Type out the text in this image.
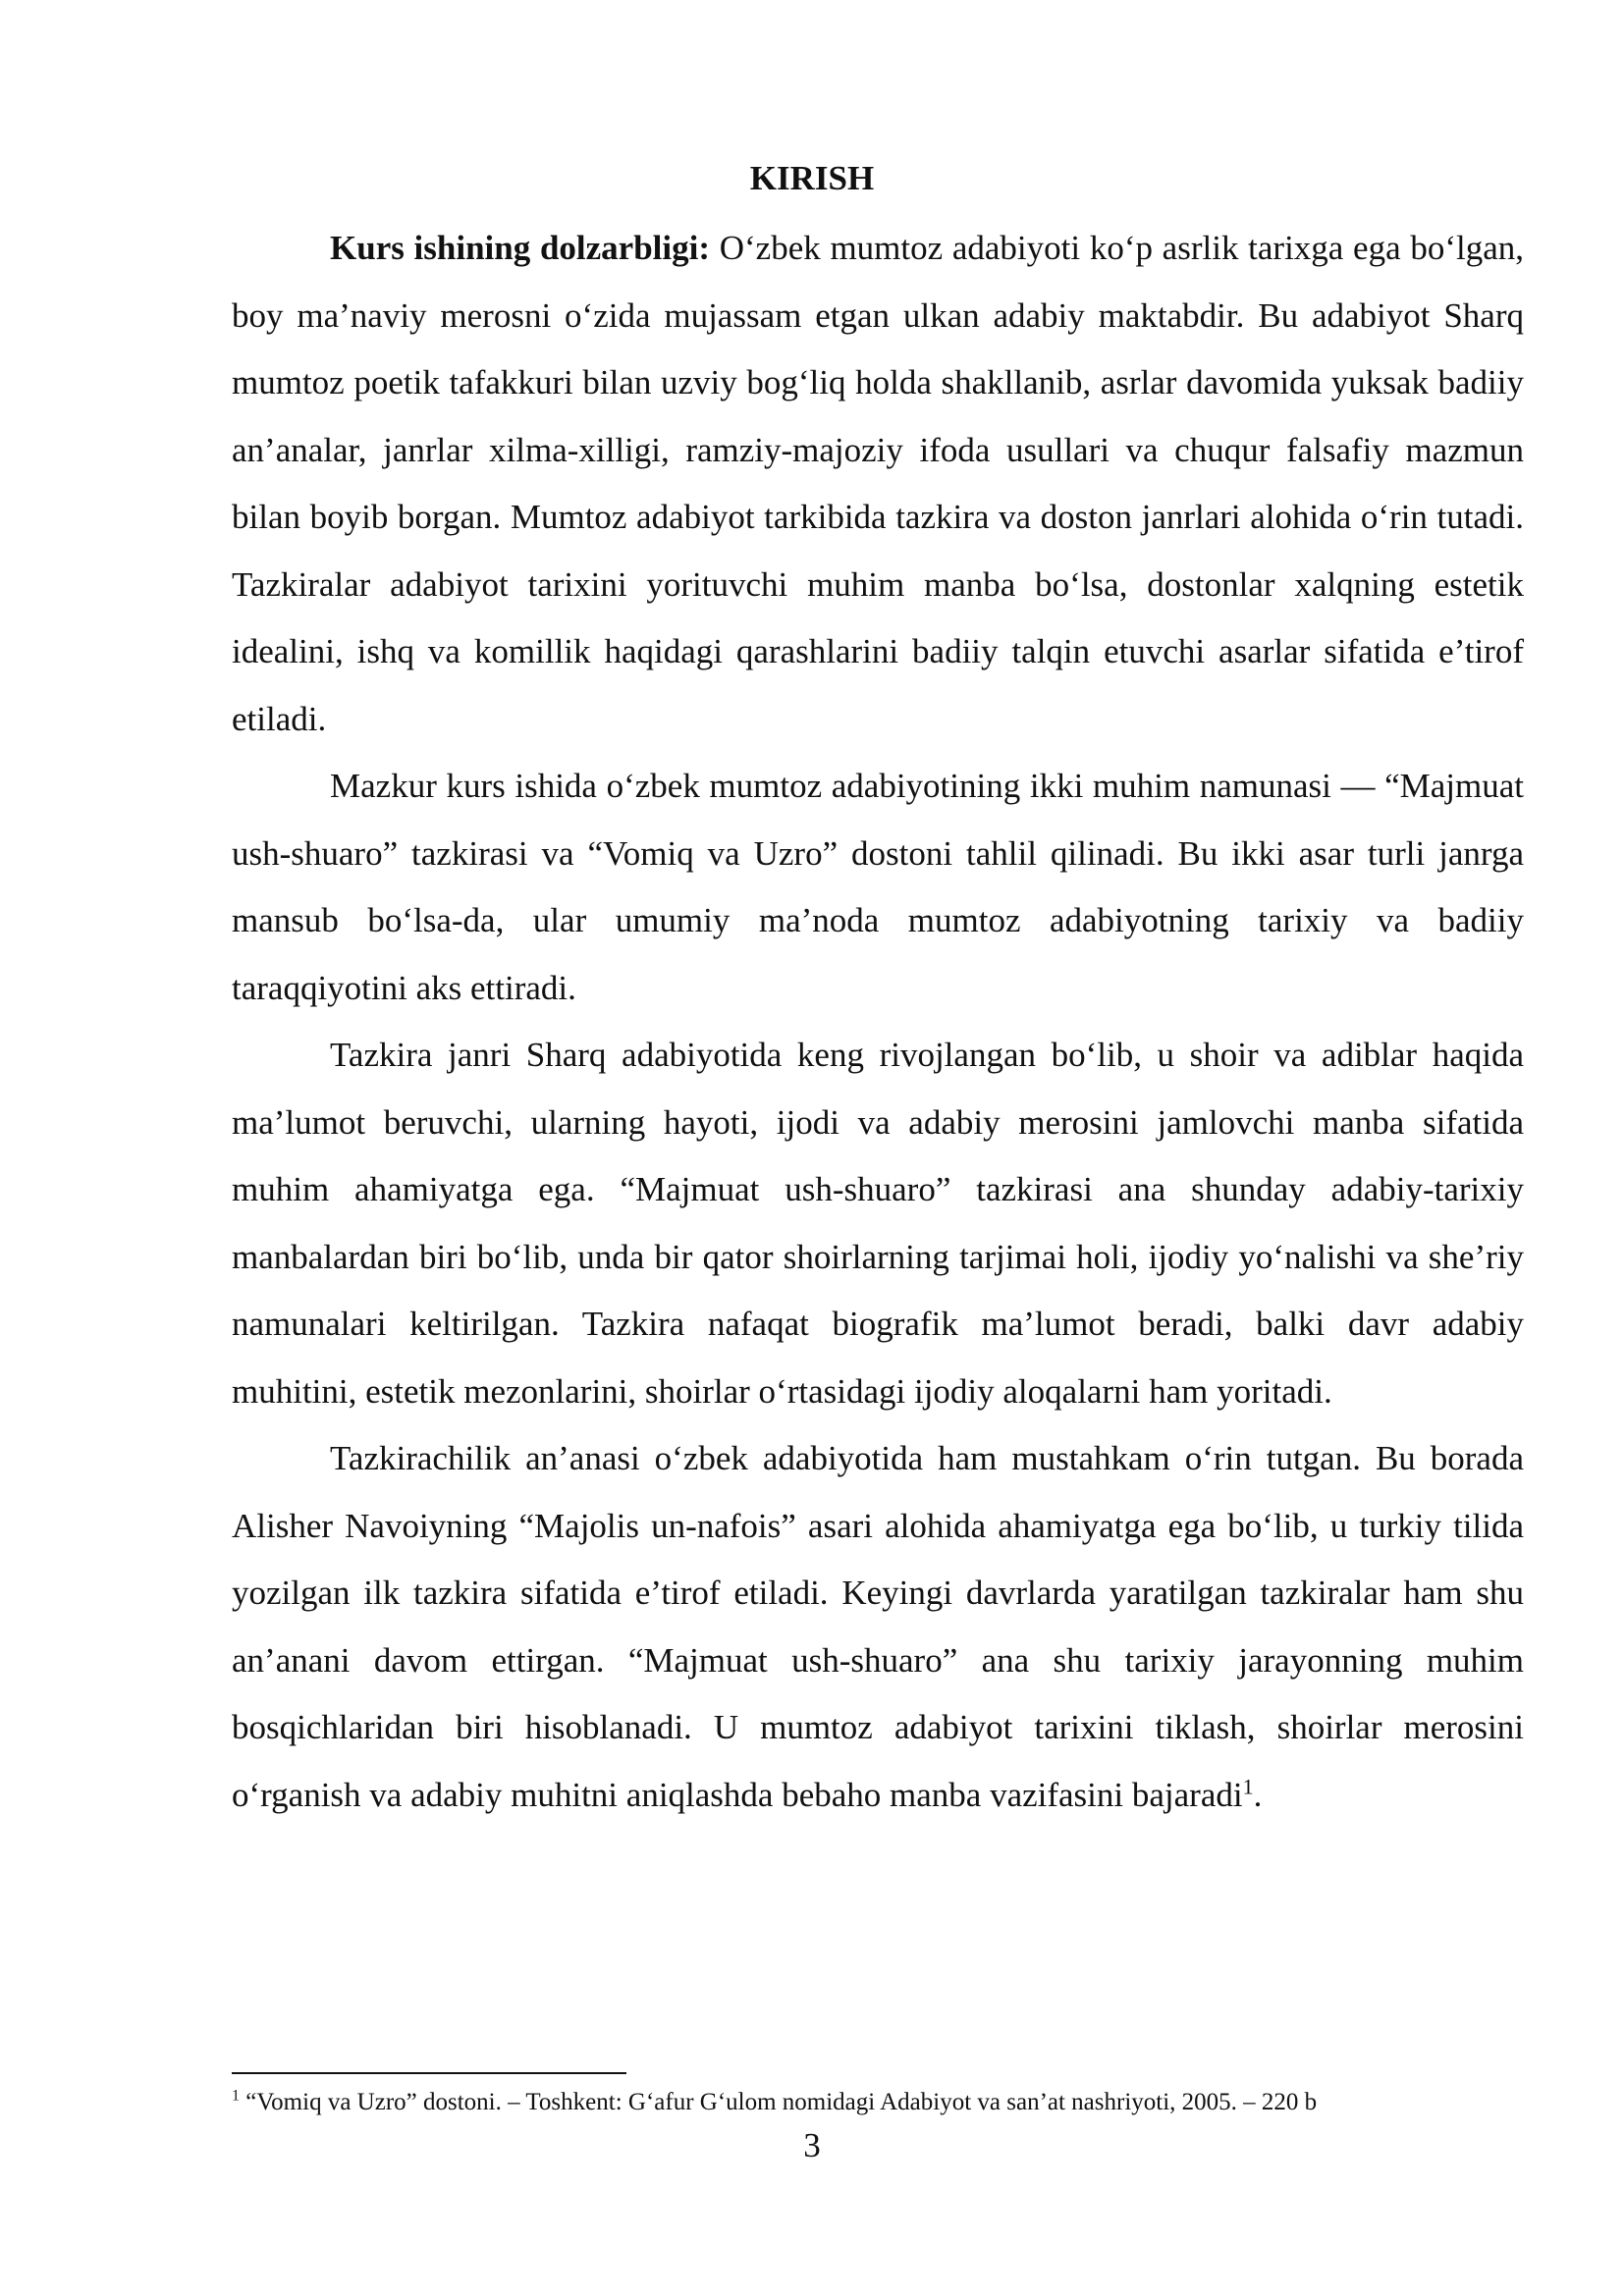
KIRISH

Kurs ishining dolzarbligi: O‘zbek mumtoz adabiyoti ko‘p asrlik tarixga ega bo‘lgan, boy ma’naviy merosni o‘zida mujassam etgan ulkan adabiy maktabdir. Bu adabiyot Sharq mumtoz poetik tafakkuri bilan uzviy bog‘liq holda shakllanib, asrlar davomida yuksak badiiy an’analar, janrlar xilma-xilligi, ramziy-majoziy ifoda usullari va chuqur falsafiy mazmun bilan boyib borgan. Mumtoz adabiyot tarkibida tazkira va doston janrlari alohida o‘rin tutadi. Tazkiralar adabiyot tarixini yorituvchi muhim manba bo‘lsa, dostonlar xalqning estetik idealini, ishq va komillik haqidagi qarashlarini badiiy talqin etuvchi asarlar sifatida e’tirof etiladi.

Mazkur kurs ishida o‘zbek mumtoz adabiyotining ikki muhim namunasi — “Majmuat ush-shuaro” tazkirasi va “Vomiq va Uzro” dostoni tahlil qilinadi. Bu ikki asar turli janrga mansub bo‘lsa-da, ular umumiy ma’noda mumtoz adabiyotning tarixiy va badiiy taraqqiyotini aks ettiradi.

Tazkira janri Sharq adabiyotida keng rivojlangan bo‘lib, u shoir va adiblar haqida ma’lumot beruvchi, ularning hayoti, ijodi va adabiy merosini jamlovchi manba sifatida muhim ahamiyatga ega. “Majmuat ush-shuaro” tazkirasi ana shunday adabiy-tarixiy manbalardan biri bo‘lib, unda bir qator shoirlarning tarjimai holi, ijodiy yo‘nalishi va she’riy namunalari keltirilgan. Tazkira nafaqat biografik ma’lumot beradi, balki davr adabiy muhitini, estetik mezonlarini, shoirlar o‘rtasidagi ijodiy aloqalarni ham yoritadi.

Tazkirachilik an’anasi o‘zbek adabiyotida ham mustahkam o‘rin tutgan. Bu borada Alisher Navoiyning “Majolis un-nafois” asari alohida ahamiyatga ega bo‘lib, u turkiy tilida yozilgan ilk tazkira sifatida e’tirof etiladi. Keyingi davrlarda yaratilgan tazkiralar ham shu an’anani davom ettirgan. “Majmuat ush-shuaro” ana shu tarixiy jarayonning muhim bosqichlaridan biri hisoblanadi. U mumtoz adabiyot tarixini tiklash, shoirlar merosini o‘rganish va adabiy muhitni aniqlashda bebaho manba vazifasini bajaradi$^1$.

$^1$ “Vomiq va Uzro” dostoni. – Toshkent: G‘afur G‘ulom nomidagi Adabiyot va san’at nashriyoti, 2005. – 220 b

3
